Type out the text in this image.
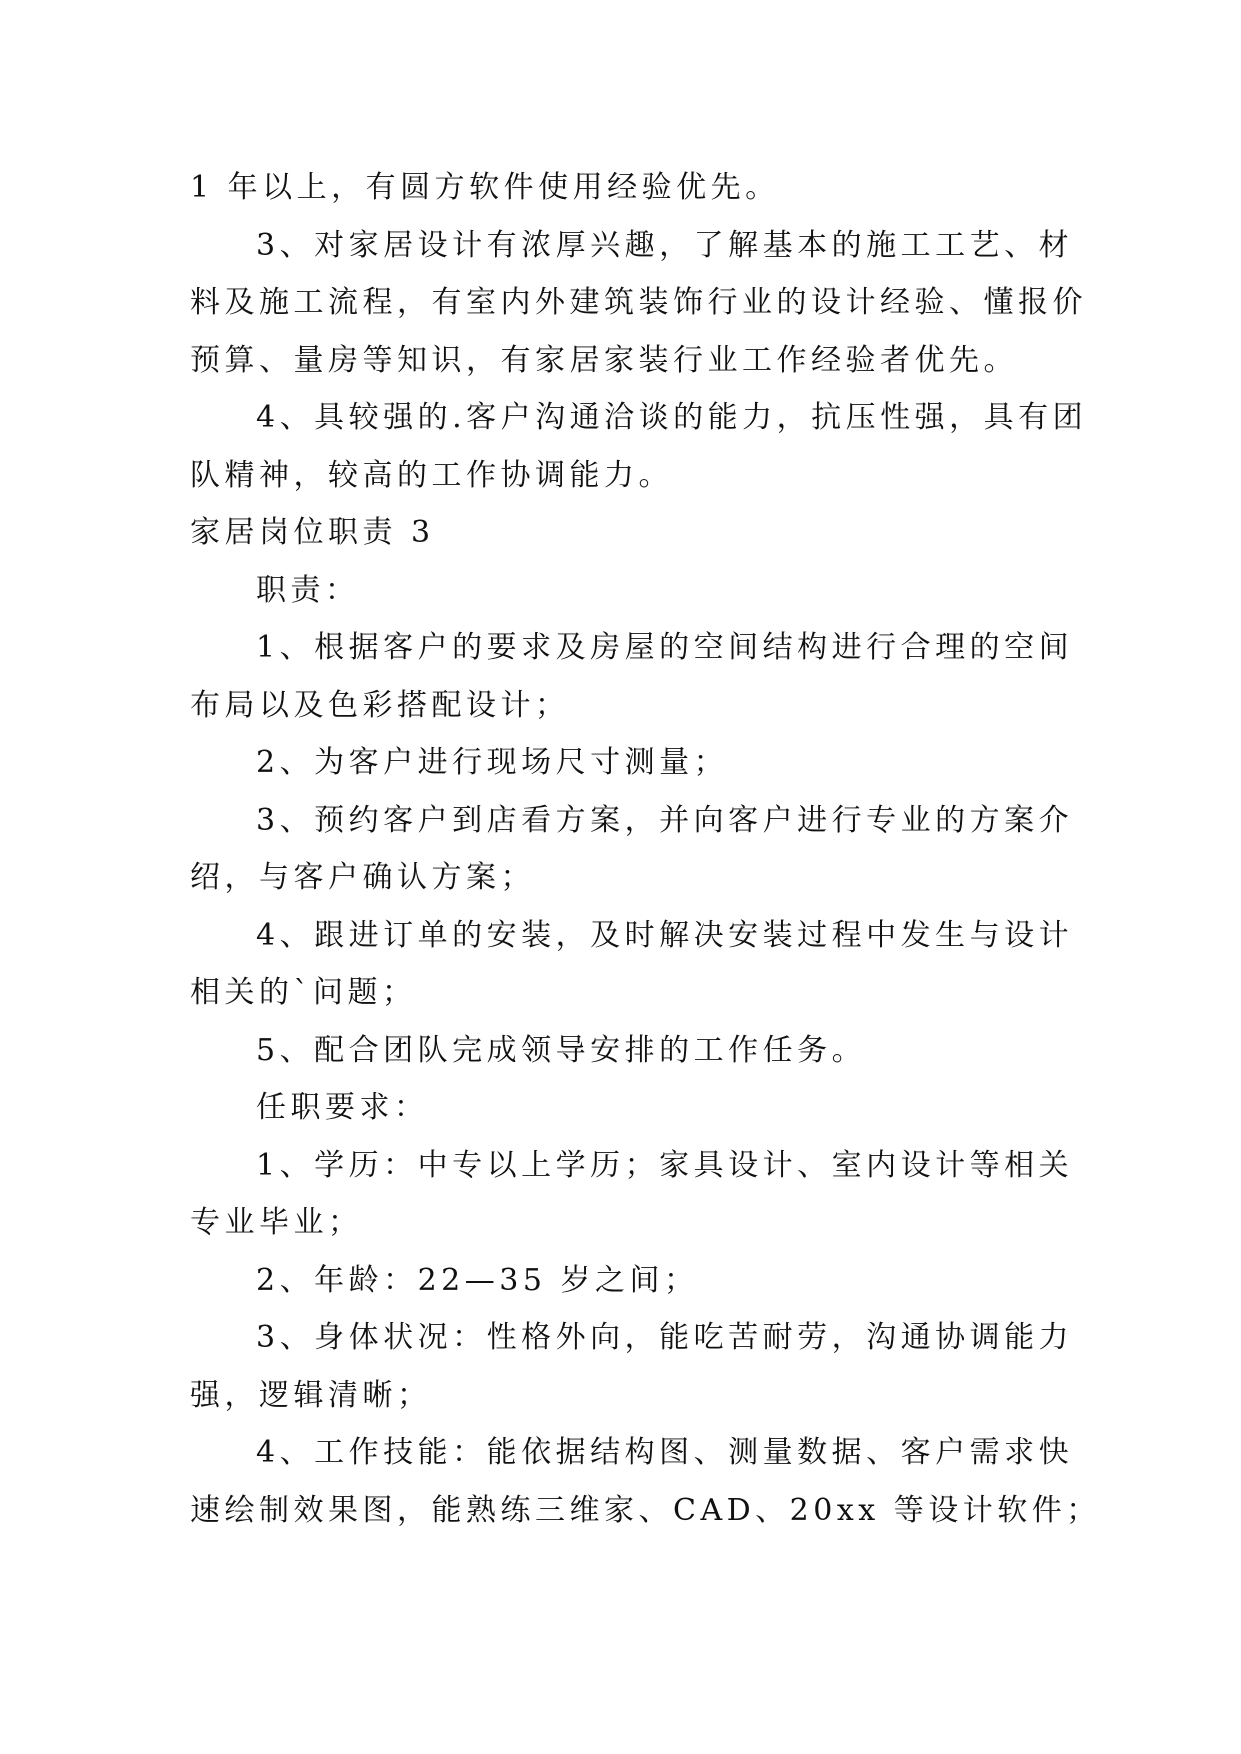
1 年以上，有圆方软件使用经验优先。
3、对家居设计有浓厚兴趣，了解基本的施工工艺、材
料及施工流程，有室内外建筑装饰行业的设计经验、懂报价
预算、量房等知识，有家居家装行业工作经验者优先。
4、具较强的.客户沟通洽谈的能力，抗压性强，具有团
队精神，较高的工作协调能力。
家居岗位职责 3
职责：
1、根据客户的要求及房屋的空间结构进行合理的空间
布局以及色彩搭配设计；
2、为客户进行现场尺寸测量；
3、预约客户到店看方案，并向客户进行专业的方案介
绍，与客户确认方案；
4、跟进订单的安装，及时解决安装过程中发生与设计
相关的`问题；
5、配合团队完成领导安排的工作任务。
任职要求：
1、学历：中专以上学历；家具设计、室内设计等相关
专业毕业；
2、年龄：22—35 岁之间；
3、身体状况：性格外向，能吃苦耐劳，沟通协调能力
强，逻辑清晰；
4、工作技能：能依据结构图、测量数据、客户需求快
速绘制效果图，能熟练三维家、CAD、20xx 等设计软件；
